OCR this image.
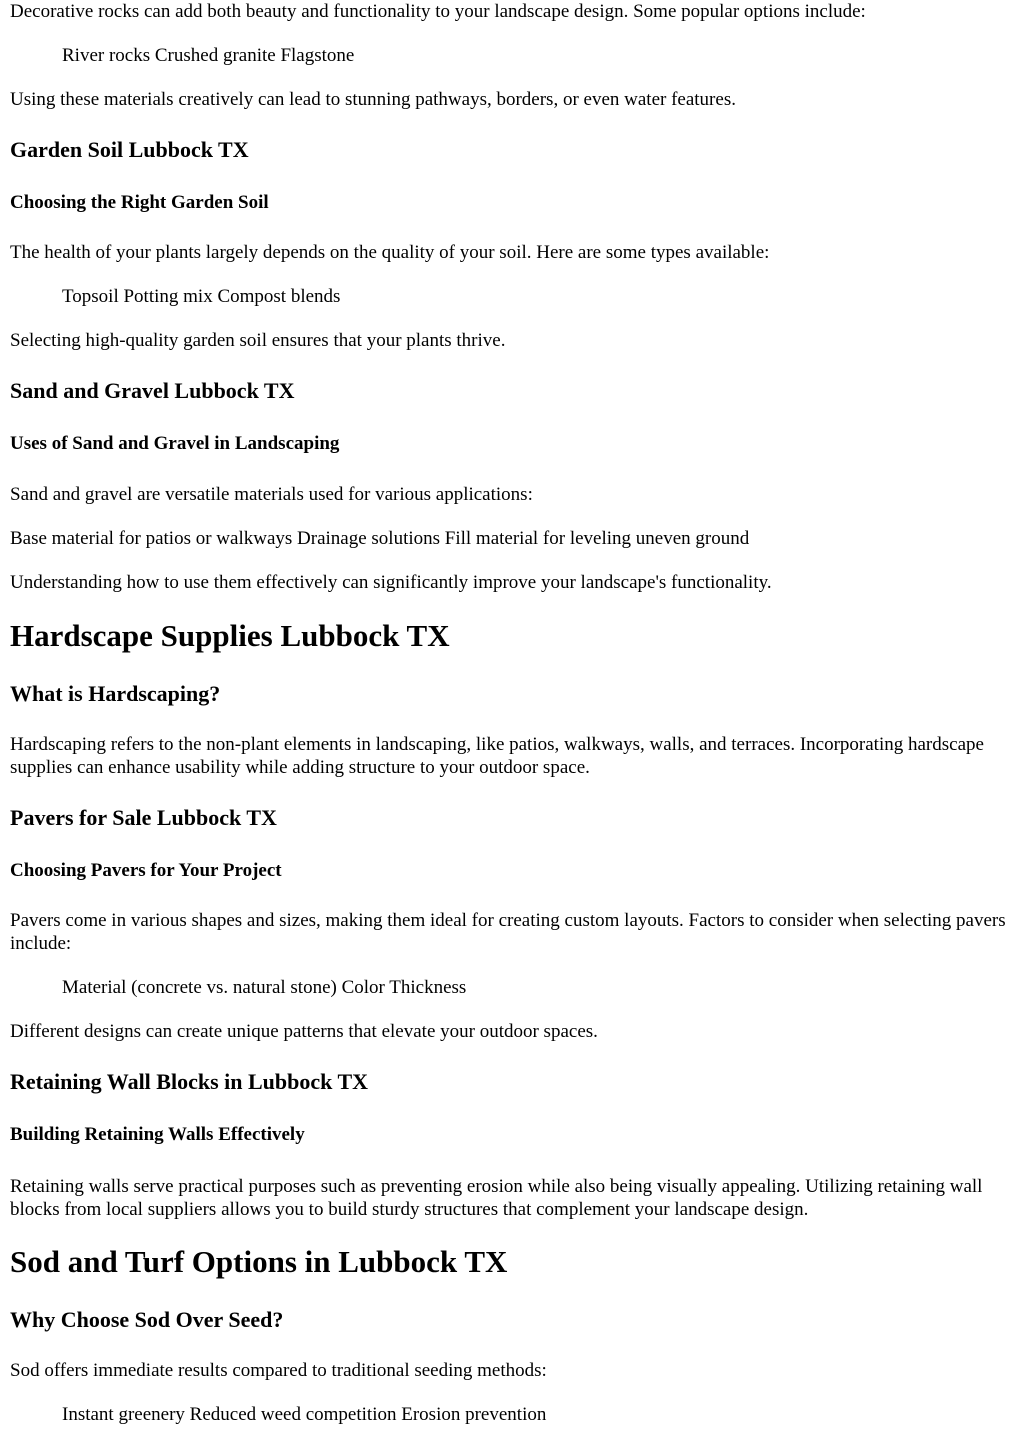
Decorative rocks can add both beauty and functionality to your landscape design. Some popular options include:

River rocks Crushed granite Flagstone

Using these materials creatively can lead to stunning pathways, borders, or even water features.

Garden Soil Lubbock TX
Choosing the Right Garden Soil

The health of your plants largely depends on the quality of your soil. Here are some types available:

Topsoil Potting mix Compost blends

Selecting high-quality garden soil ensures that your plants thrive.

Sand and Gravel Lubbock TX
Uses of Sand and Gravel in Landscaping

Sand and gravel are versatile materials used for various applications:

Base material for patios or walkways Drainage solutions Fill material for leveling uneven ground

Understanding how to use them effectively can significantly improve your landscape's functionality.

Hardscape Supplies Lubbock TX
What is Hardscaping?

Hardscaping refers to the non-plant elements in landscaping, like patios, walkways, walls, and terraces. Incorporating hardscape supplies can enhance usability while adding structure to your outdoor space.

Pavers for Sale Lubbock TX
Choosing Pavers for Your Project

Pavers come in various shapes and sizes, making them ideal for creating custom layouts. Factors to consider when selecting pavers include:

Material (concrete vs. natural stone) Color Thickness

Different designs can create unique patterns that elevate your outdoor spaces.

Retaining Wall Blocks in Lubbock TX
Building Retaining Walls Effectively

Retaining walls serve practical purposes such as preventing erosion while also being visually appealing. Utilizing retaining wall blocks from local suppliers allows you to build sturdy structures that complement your landscape design.

Sod and Turf Options in Lubbock TX
Why Choose Sod Over Seed?

Sod offers immediate results compared to traditional seeding methods:

Instant greenery Reduced weed competition Erosion prevention
